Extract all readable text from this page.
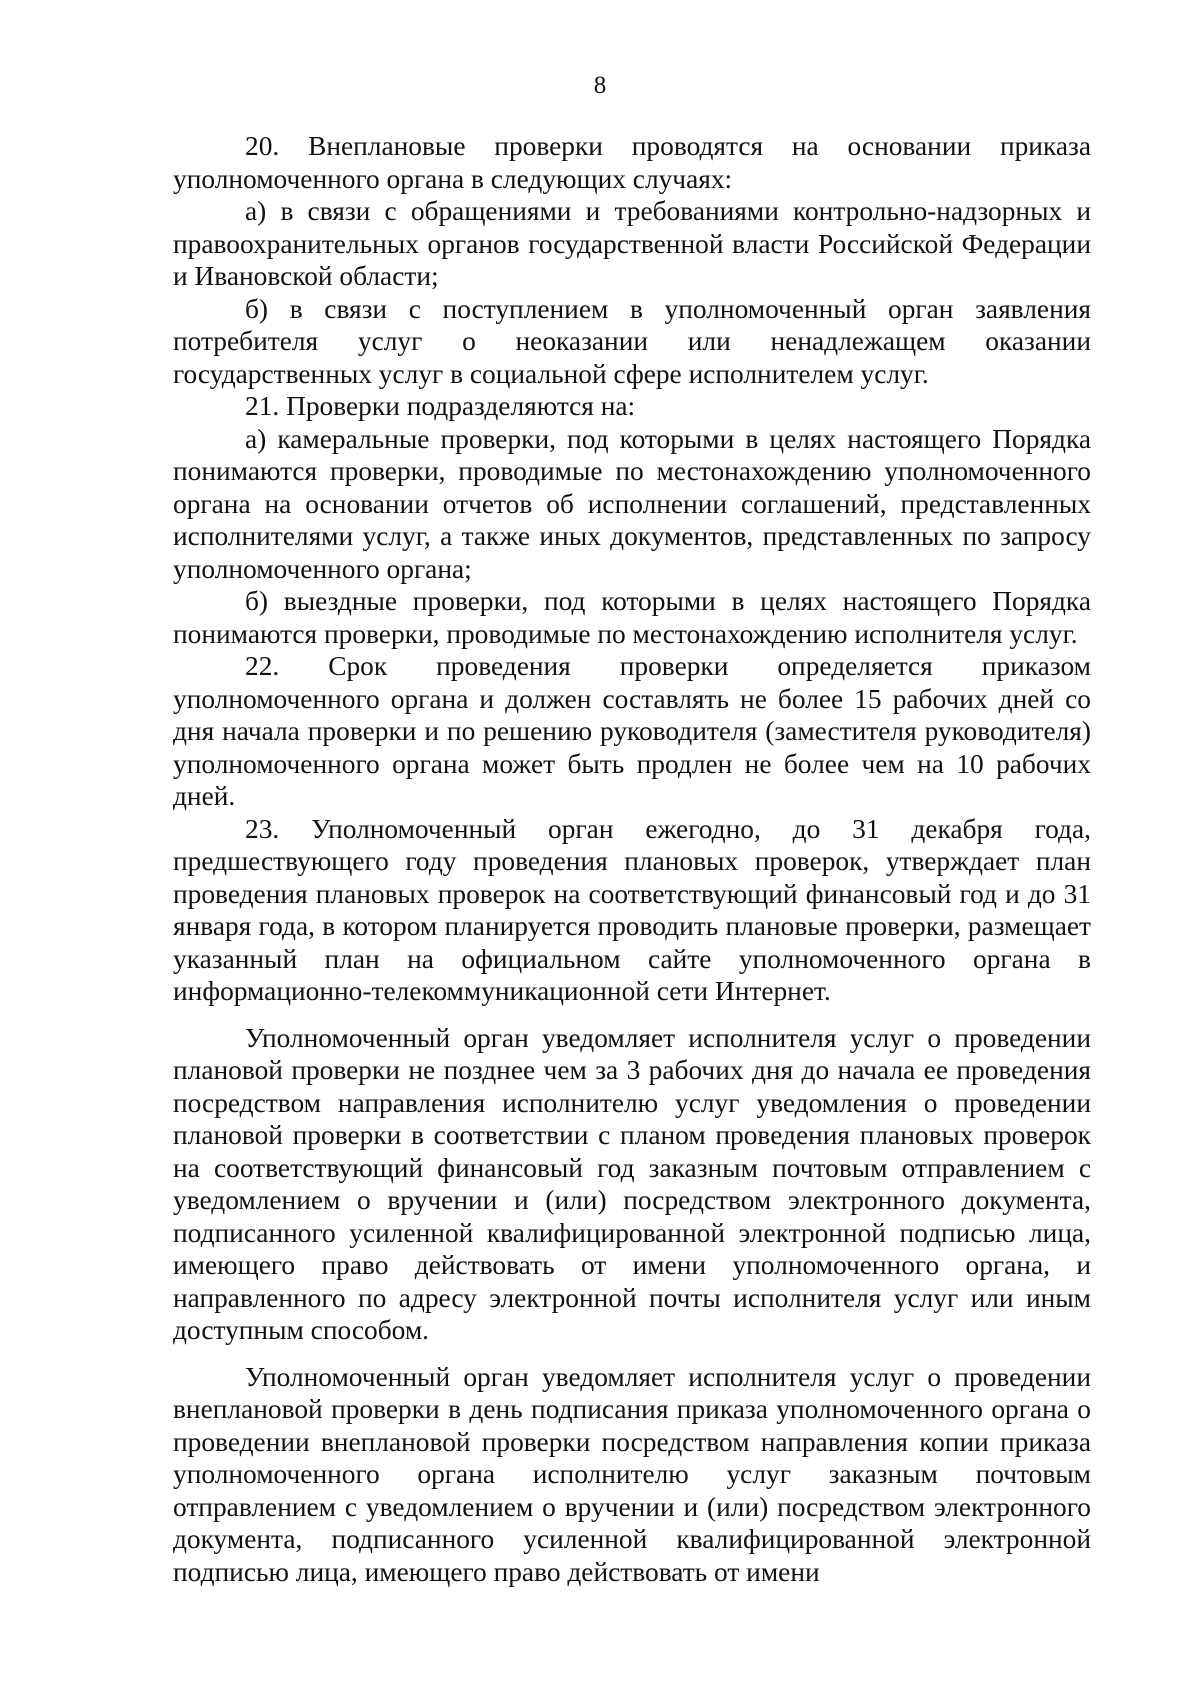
8

20. Внеплановые проверки проводятся на основании приказа уполномоченного органа в следующих случаях:

а) в связи с обращениями и требованиями контрольно-надзорных и правоохранительных органов государственной власти Российской Федерации и Ивановской области;

б) в связи с поступлением в уполномоченный орган заявления потребителя услуг о неоказании или ненадлежащем оказании государственных услуг в социальной сфере исполнителем услуг.

21. Проверки подразделяются на:

а) камеральные проверки, под которыми в целях настоящего Порядка понимаются проверки, проводимые по местонахождению уполномоченного органа на основании отчетов об исполнении соглашений, представленных исполнителями услуг, а также иных документов, представленных по запросу уполномоченного органа;

б) выездные проверки, под которыми в целях настоящего Порядка понимаются проверки, проводимые по местонахождению исполнителя услуг.

22. Срок проведения проверки определяется приказом уполномоченного органа и должен составлять не более 15 рабочих дней со дня начала проверки и по решению руководителя (заместителя руководителя) уполномоченного органа может быть продлен не более чем на 10 рабочих дней.

23. Уполномоченный орган ежегодно, до 31 декабря года, предшествующего году проведения плановых проверок, утверждает план проведения плановых проверок на соответствующий финансовый год и до 31 января года, в котором планируется проводить плановые проверки, размещает указанный план на официальном сайте уполномоченного органа в информационно-телекоммуникационной сети Интернет.

Уполномоченный орган уведомляет исполнителя услуг о проведении плановой проверки не позднее чем за 3 рабочих дня до начала ее проведения посредством направления исполнителю услуг уведомления о проведении плановой проверки в соответствии с планом проведения плановых проверок на соответствующий финансовый год заказным почтовым отправлением с уведомлением о вручении и (или) посредством электронного документа, подписанного усиленной квалифицированной электронной подписью лица, имеющего право действовать от имени уполномоченного органа, и направленного по адресу электронной почты исполнителя услуг или иным доступным способом.

Уполномоченный орган уведомляет исполнителя услуг о проведении внеплановой проверки в день подписания приказа уполномоченного органа о проведении внеплановой проверки посредством направления копии приказа уполномоченного органа исполнителю услуг заказным почтовым отправлением с уведомлением о вручении и (или) посредством электронного документа, подписанного усиленной квалифицированной электронной подписью лица, имеющего право действовать от имени
